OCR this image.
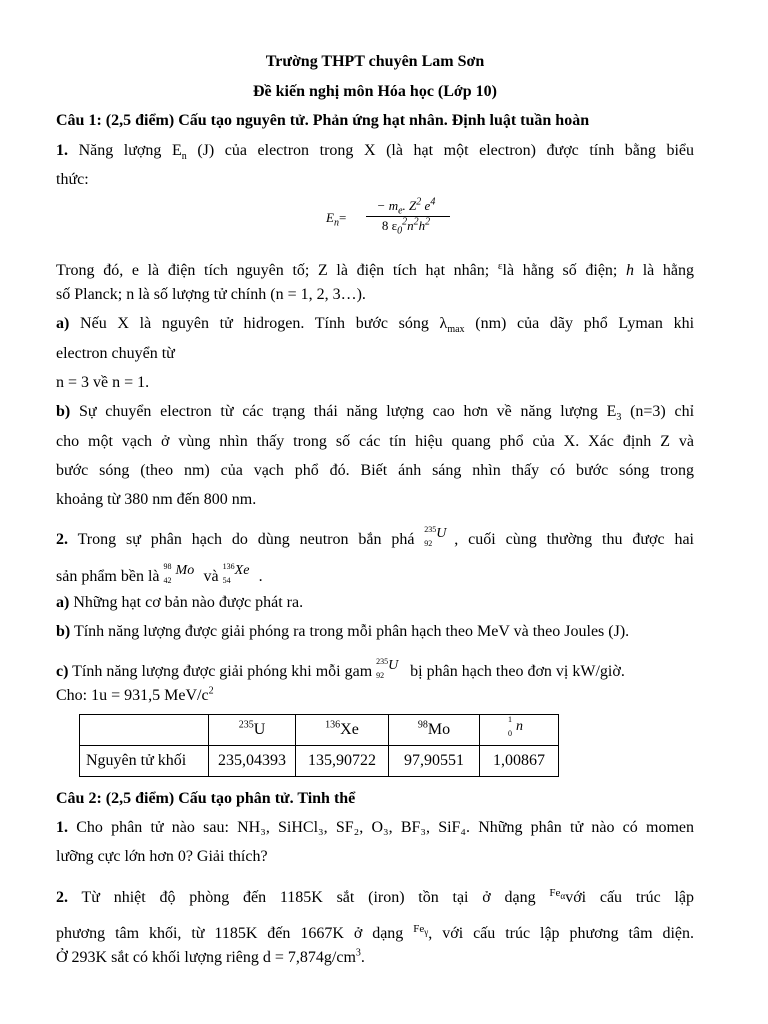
Trường THPT chuyên Lam Sơn
Đề kiến nghị môn Hóa học (Lớp 10)
Câu 1: (2,5 điểm) Cấu tạo nguyên tử. Phản ứng hạt nhân. Định luật tuần hoàn
1. Năng lượng $E_n$ (J) của electron trong X (là hạt một electron) được tính bằng biểu
thức:
$E_n=$
− $m_e$. $Z^2$ $e^4$
8 $\varepsilon_0^2n^2h^2$
Trong đó, e là điện tích nguyên tố; Z là điện tích hạt nhân; $^\varepsilon$là hằng số điện; h là hằng
số Planck; n là số lượng tử chính (n = 1, 2, 3…).
a) Nếu X là nguyên tử hidrogen. Tính bước sóng $\lambda_{max}$ (nm) của dãy phổ Lyman khi
electron chuyển từ
n = 3 về n = 1.
b) Sự chuyển electron từ các trạng thái năng lượng cao hơn về năng lượng $E_3$ (n=3) chỉ
cho một vạch ở vùng nhìn thấy trong số các tín hiệu quang phổ của X. Xác định Z và
bước sóng (theo nm) của vạch phổ đó. Biết ánh sáng nhìn thấy có bước sóng trong
khoảng từ 380 nm đến 800 nm.
2. Trong sự phân hạch do dùng neutron bắn phá
235
92
U , cuối cùng thường thu được hai
sản phẩm bền là
98
42
Mo và
136
54
Xe .
a) Những hạt cơ bản nào được phát ra.
b) Tính năng lượng được giải phóng ra trong mỗi phân hạch theo MeV và theo Joules (J).
c) Tính năng lượng được giải phóng khi mỗi gam
235
92
U bị phân hạch theo đơn vị kW/giờ.
Cho: 1u = 931,5 MeV/$c^2$
	$^{235}$U	$^{136}$Xe	$^{98}$Mo	1
0 n

Nguyên tử khối	235,04393	135,90722	97,90551	1,00867
Câu 2: (2,5 điểm) Cấu tạo phân tử. Tinh thể
1. Cho phân tử nào sau: NH₃, SiHCl₃, SF₂, O₃, BF₃, SiF₄. Những phân tử nào có momen
lưỡng cực lớn hơn 0? Giải thích?
2. Từ nhiệt độ phòng đến 1185K sắt (iron) tồn tại ở dạng $^{Fe_\alpha}$với cấu trúc lập
phương tâm khối, từ 1185K đến 1667K ở dạng $^{Fe_\gamma}$, với cấu trúc lập phương tâm diện.
Ở 293K sắt có khối lượng riêng $d = 7,874g/cm^3$.
